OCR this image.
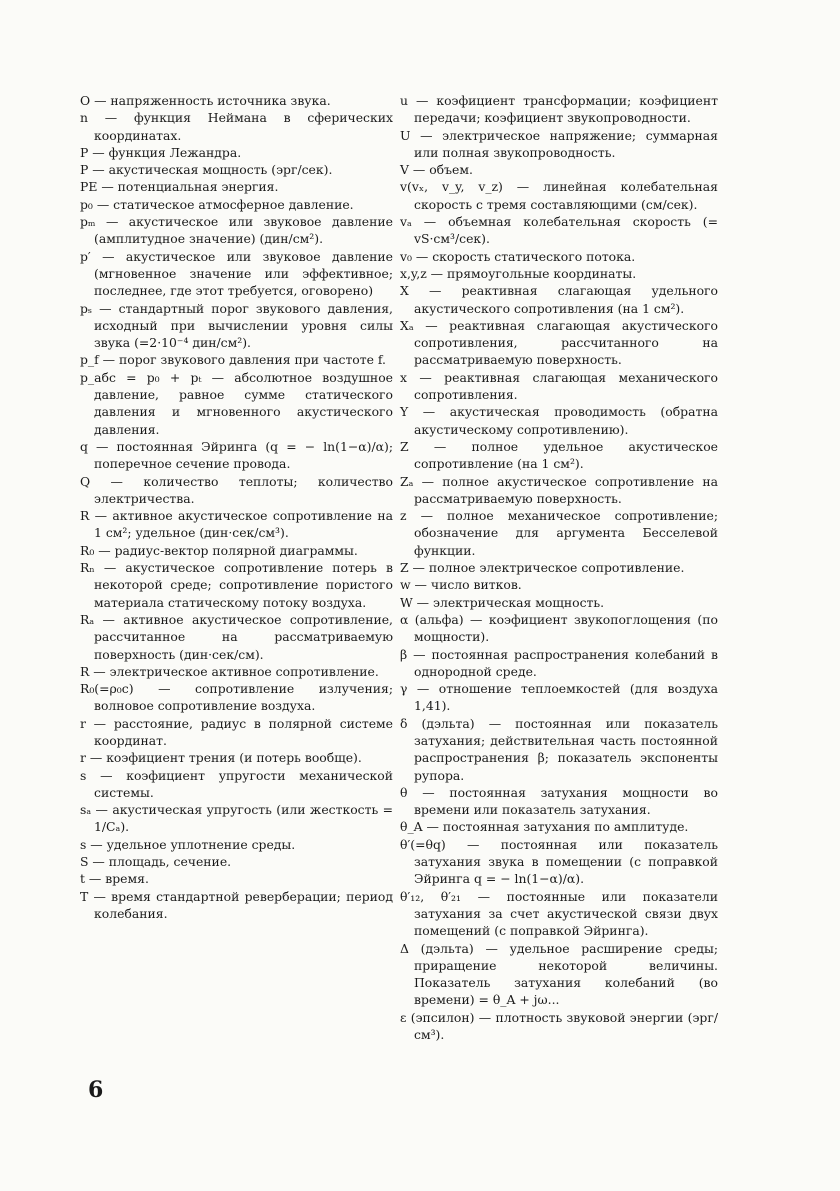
O — напряженность источника звука.

n — функция Неймана в сферических координатах.

P — функция Лежандра.

P — акустическая мощность (эрг/сек).

PE — потенциальная энергия.

p₀ — статическое атмосферное давление.

pₘ — акустическое или звуковое давление (амплитудное значение) (дин/см²).

p′ — акустическое или звуковое давление (мгновенное значение или эффективное; последнее, где этот требуется, оговорено)

pₛ — стандартный порог звукового давления, исходный при вычислении уровня силы звука (=2·10⁻⁴ дин/см²).

p_f — порог звукового давления при частоте f.

p_абс = p₀ + pₜ — абсолютное воздушное давление, равное сумме статического давления и мгновенного акустического давления.

q — постоянная Эйринга (q = − ln(1−α)/α); поперечное сечение провода.

Q — количество теплоты; количество электричества.

R — активное акустическое сопротивление на 1 см²; удельное (дин·сек/см³).

R₀ — радиус-вектор полярной диаграммы.

Rₙ — акустическое сопротивление потерь в некоторой среде; сопротивление пористого материала статическому потоку воздуха.

Rₐ — активное акустическое сопротивление, рассчитанное на рассматриваемую поверхность (дин·сек/см).

R — электрическое активное сопротивление.

R₀(=ρ₀c) — сопротивление излучения; волновое сопротивление воздуха.

r — расстояние, радиус в полярной системе координат.

r — коэфициент трения (и потерь вообще).

s — коэфициент упругости механической системы.

sₐ — акустическая упругость (или жесткость = 1/Cₐ).

s — удельное уплотнение среды.

S — площадь, сечение.

t — время.

T — время стандартной реверберации; период колебания.

u — коэфициент трансформации; коэфициент передачи; коэфициент звукопроводности.

U — электрическое напряжение; суммарная или полная звукопроводность.

V — объем.

v(vₓ, v_y, v_z) — линейная колебательная скорость с тремя составляющими (см/сек).

vₐ — объемная колебательная скорость (= vS·см³/сек).

v₀ — скорость статического потока.

x,y,z — прямоугольные координаты.

X — реактивная слагающая удельного акустического сопротивления (на 1 см²).

Xₐ — реактивная слагающая акустического сопротивления, рассчитанного на рассматриваемую поверхность.

x — реактивная слагающая механического сопротивления.

Y — акустическая проводимость (обратна акустическому сопротивлению).

Z — полное удельное акустическое сопротивление (на 1 см²).

Zₐ — полное акустическое сопротивление на рассматриваемую поверхность.

z — полное механическое сопротивление; обозначение для аргумента Бесселевой функции.

Z — полное электрическое сопротивление.

w — число витков.

W — электрическая мощность.

α (альфа) — коэфициент звукопоглощения (по мощности).

β — постоянная распространения колебаний в однородной среде.

γ — отношение теплоемкостей (для воздуха 1,41).

δ (дэльта) — постоянная или показатель затухания; действительная часть постоянной распространения β; показатель экспоненты рупора.

θ — постоянная затухания мощности во времени или показатель затухания.

θ_A — постоянная затухания по амплитуде.

θ′(=θq) — постоянная или показатель затухания звука в помещении (с поправкой Эйринга q = − ln(1−α)/α).

θ′₁₂, θ′₂₁ — постоянные или показатели затухания за счет акустической связи двух помещений (с поправкой Эйринга).

Δ (дэльта) — удельное расширение среды; приращение некоторой величины. Показатель затухания колебаний (во времени) = θ_A + jω...

ε (эпсилон) — плотность звуковой энергии (эрг/см³).

6
